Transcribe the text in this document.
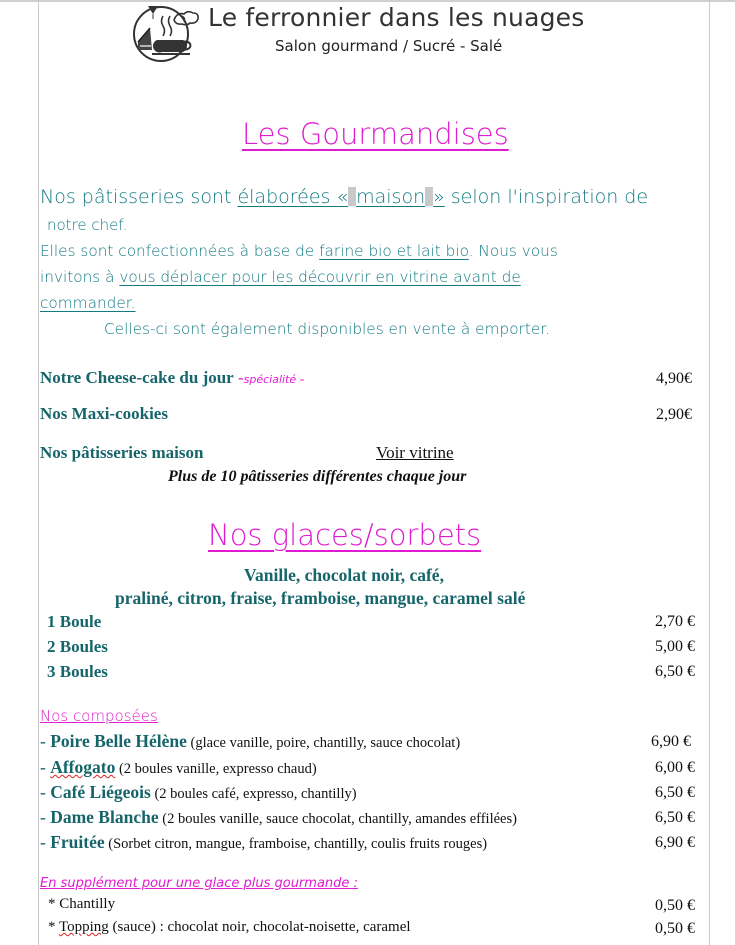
Le ferronnier dans les nuages
Salon gourmand / Sucré - Salé
Les Gourmandises
Nos pâtisseries sont élaborées « maison » selon l'inspiration de
notre chef.
Elles sont confectionnées à base de farine bio et lait bio. Nous vous
invitons à vous déplacer pour les découvrir en vitrine avant de
commander.
Celles-ci sont également disponibles en vente à emporter.
Notre Cheese-cake du jour -spécialité -	4,90€
Nos Maxi-cookies	2,90€
Nos pâtisseries maison	Voir vitrine
Plus de 10 pâtisseries différentes chaque jour
Nos glaces/sorbets
Vanille, chocolat noir, café,
praliné, citron, fraise, framboise, mangue, caramel salé
1 Boule	2,70 €
2 Boules	5,00 €
3 Boules	6,50 €
Nos composées
- Poire Belle Hélène (glace vanille, poire, chantilly, sauce chocolat)	6,90 €
- Affogato (2 boules vanille, expresso chaud)	6,00 €
- Café Liégeois (2 boules café, expresso, chantilly)	6,50 €
- Dame Blanche (2 boules vanille, sauce chocolat, chantilly, amandes effilées)	6,50 €
- Fruitée (Sorbet citron, mangue, framboise, chantilly, coulis fruits rouges)	6,90 €
En supplément pour une glace plus gourmande :
* Chantilly	0,50 €
* Topping (sauce) : chocolat noir, chocolat-noisette, caramel	0,50 €
